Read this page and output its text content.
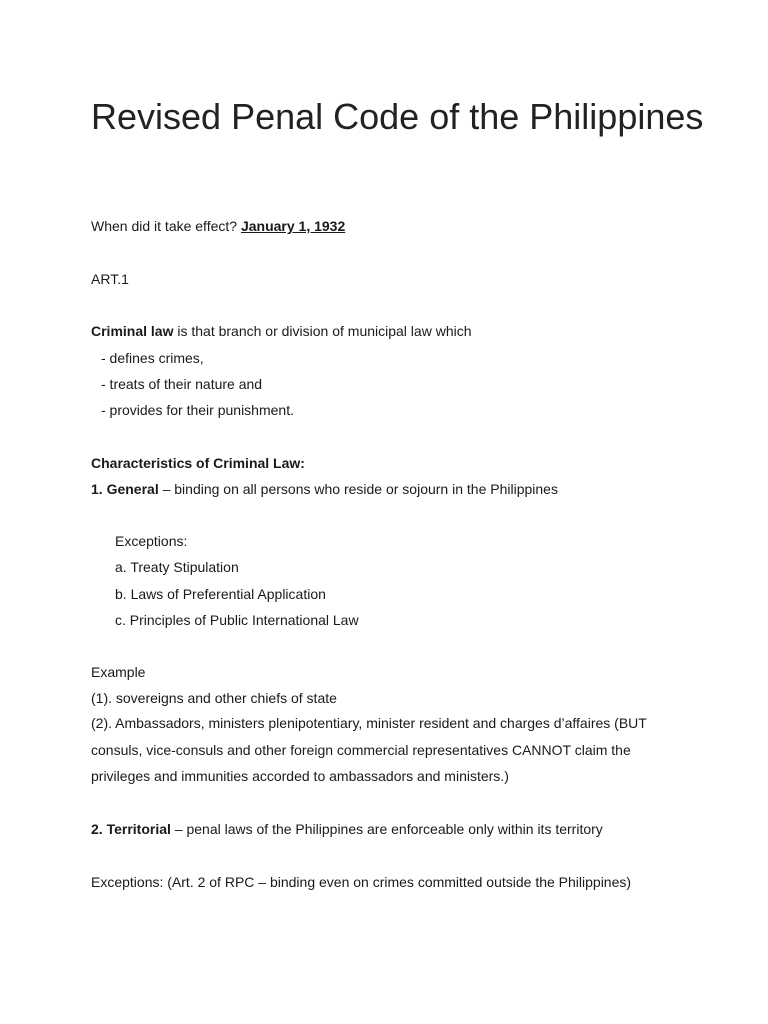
Revised Penal Code of the Philippines
When did it take effect? January 1, 1932
ART.1
Criminal law is that branch or division of municipal law which
- defines crimes,
- treats of their nature and
- provides for their punishment.
Characteristics of Criminal Law:
1. General – binding on all persons who reside or sojourn in the Philippines
Exceptions:
a. Treaty Stipulation
b. Laws of Preferential Application
c. Principles of Public International Law
Example
(1). sovereigns and other chiefs of state
(2). Ambassadors, ministers plenipotentiary, minister resident and charges d’affaires (BUT consuls, vice-consuls and other foreign commercial representatives CANNOT claim the privileges and immunities accorded to ambassadors and ministers.)
2. Territorial – penal laws of the Philippines are enforceable only within its territory
Exceptions: (Art. 2 of RPC – binding even on crimes committed outside the Philippines)
